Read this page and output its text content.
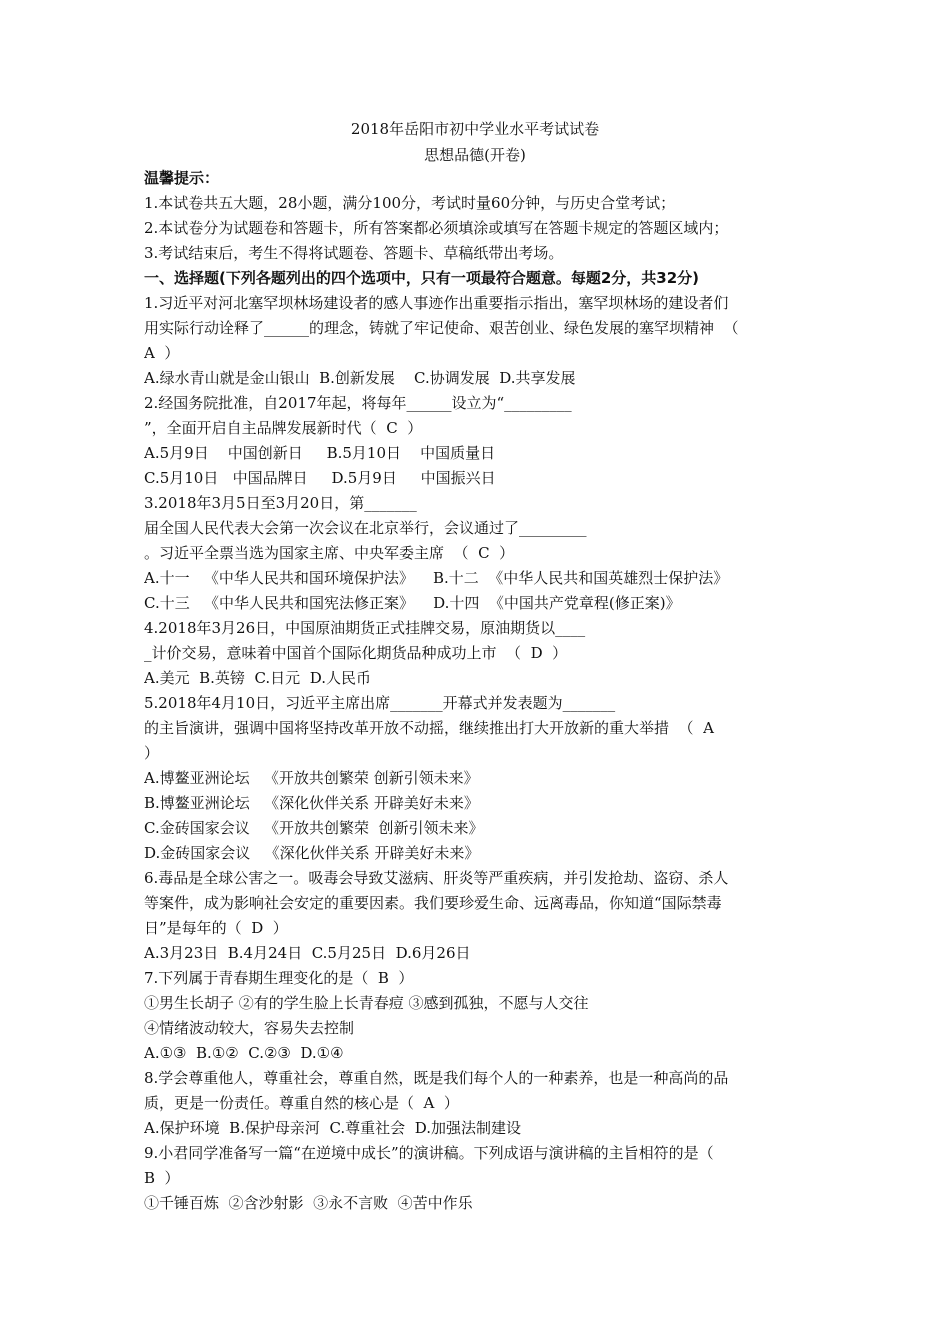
2018年岳阳市初中学业水平考试试卷
思想品德(开卷)
温馨提示：
1.本试卷共五大题，28小题，满分100分，考试时量60分钟，与历史合堂考试；
2.本试卷分为试题卷和答题卡，所有答案都必须填涂或填写在答题卡规定的答题区域内；
3.考试结束后，考生不得将试题卷、答题卡、草稿纸带出考场。
一、选择题(下列各题列出的四个选项中，只有一项最符合题意。每题2分，共32分)
1.习近平对河北塞罕坝林场建设者的感人事迹作出重要指示指出，塞罕坝林场的建设者们
用实际行动诠释了______的理念，铸就了牢记使命、艰苦创业、绿色发展的塞罕坝精神  （
A  ）
A.绿水青山就是金山银山  B.创新发展    C.协调发展  D.共享发展
2.经国务院批准，自2017年起，将每年______设立为“_________
”，全面开启自主品牌发展新时代（  C  ）
A.5月9日    中国创新日     B.5月10日    中国质量日
C.5月10日   中国品牌日     D.5月9日     中国振兴日
3.2018年3月5日至3月20日，第_______
届全国人民代表大会第一次会议在北京举行，会议通过了_________
。习近平全票当选为国家主席、中央军委主席  （  C  ）
A.十一   《中华人民共和国环境保护法》    B.十二  《中华人民共和国英雄烈士保护法》
C.十三   《中华人民共和国宪法修正案》    D.十四  《中国共产党章程(修正案)》
4.2018年3月26日，中国原油期货正式挂牌交易，原油期货以____
_计价交易，意味着中国首个国际化期货品种成功上市  （  D  ）
A.美元  B.英镑  C.日元  D.人民币
5.2018年4月10日，习近平主席出席_______开幕式并发表题为_______
的主旨演讲，强调中国将坚持改革开放不动摇，继续推出打大开放新的重大举措  （  A
）
A.博鳌亚洲论坛   《开放共创繁荣 创新引领未来》
B.博鳌亚洲论坛   《深化伙伴关系 开辟美好未来》
C.金砖国家会议   《开放共创繁荣  创新引领未来》
D.金砖国家会议   《深化伙伴关系 开辟美好未来》
6.毒品是全球公害之一。吸毒会导致艾滋病、肝炎等严重疾病，并引发抢劫、盗窃、杀人
等案件，成为影响社会安定的重要因素。我们要珍爱生命、远离毒品，你知道“国际禁毒
日”是每年的（  D  ）
A.3月23日  B.4月24日  C.5月25日  D.6月26日
7.下列属于青春期生理变化的是（  B  ）
①男生长胡子 ②有的学生脸上长青春痘 ③感到孤独，不愿与人交往
④情绪波动较大，容易失去控制
A.①③  B.①②  C.②③  D.①④
8.学会尊重他人，尊重社会，尊重自然，既是我们每个人的一种素养，也是一种高尚的品
质，更是一份责任。尊重自然的核心是（  A  ）
A.保护环境  B.保护母亲河  C.尊重社会  D.加强法制建设
9.小君同学准备写一篇“在逆境中成长”的演讲稿。下列成语与演讲稿的主旨相符的是（
B  ）
①千锤百炼  ②含沙射影  ③永不言败  ④苦中作乐
